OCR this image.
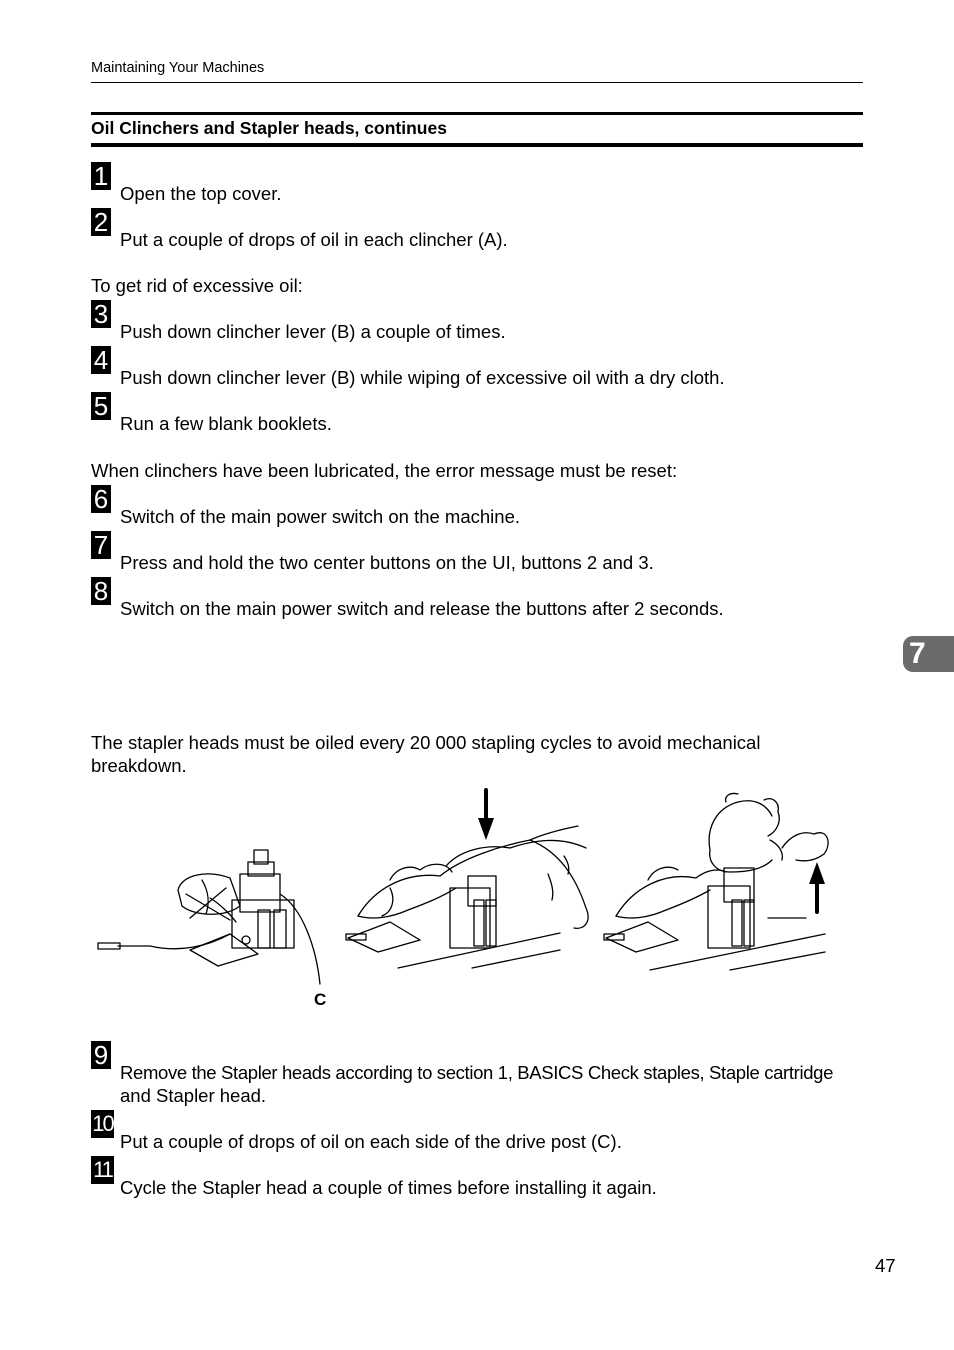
Maintaining Your Machines
Oil Clinchers and Stapler heads, continues
1
Open the top cover.
2
Put a couple of drops of oil in each clincher (A).
To get rid of excessive oil:
3
Push down clincher lever (B) a couple of times.
4
Push down clincher lever (B) while wiping of excessive oil with a dry cloth.
5
Run a few blank booklets.
When clinchers have been lubricated, the error message must be reset:
6
Switch of the main power switch on the machine.
7
Press and hold the two center buttons on the UI, buttons 2 and 3.
8
Switch on the main power switch and release the buttons after 2 seconds.
7
The stapler heads must be oiled every 20 000 stapling cycles to avoid mechanical
breakdown.
C
9
Remove the Stapler heads according to section 1, BASICS Check staples, Staple cartridge
and Stapler head.
10
Put a couple of drops of oil on each side of the drive post (C).
11
Cycle the Stapler head a couple of times before installing it again.
47
